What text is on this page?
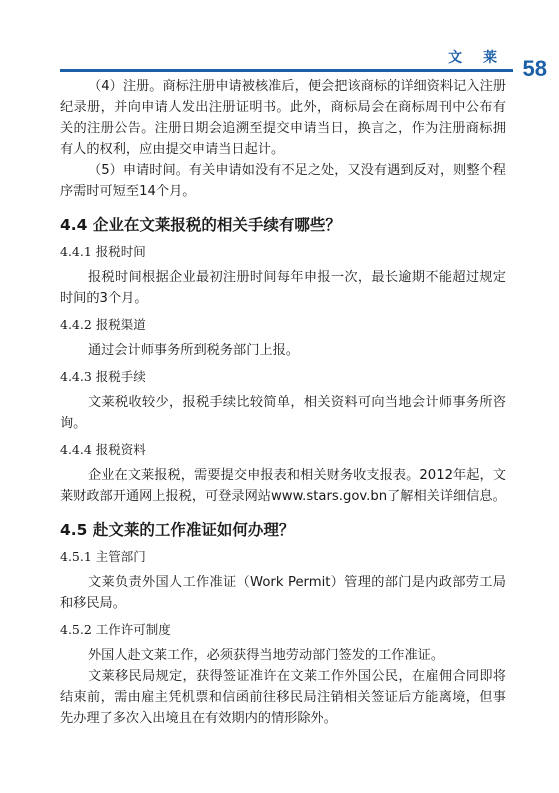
文 莱 58

（4）注册。商标注册申请被核准后，便会把该商标的详细资料记入注册纪录册，并向申请人发出注册证明书。此外，商标局会在商标周刊中公布有关的注册公告。注册日期会追溯至提交申请当日，换言之，作为注册商标拥有人的权利，应由提交申请当日起计。

（5）申请时间。有关申请如没有不足之处，又没有遇到反对，则整个程序需时可短至14个月。

4.4 企业在文莱报税的相关手续有哪些？
4.4.1 报税时间

报税时间根据企业最初注册时间每年申报一次，最长逾期不能超过规定时间的3个月。

4.4.2 报税渠道

通过会计师事务所到税务部门上报。

4.4.3 报税手续

文莱税收较少，报税手续比较简单，相关资料可向当地会计师事务所咨询。

4.4.4 报税资料

企业在文莱报税，需要提交申报表和相关财务收支报表。2012年起，文莱财政部开通网上报税，可登录网站www.stars.gov.bn了解相关详细信息。

4.5 赴文莱的工作准证如何办理？
4.5.1 主管部门

文莱负责外国人工作准证（Work Permit）管理的部门是内政部劳工局和移民局。

4.5.2 工作许可制度

外国人赴文莱工作，必须获得当地劳动部门签发的工作准证。

文莱移民局规定，获得签证准许在文莱工作外国公民，在雇佣合同即将结束前，需由雇主凭机票和信函前往移民局注销相关签证后方能离境，但事先办理了多次入出境且在有效期内的情形除外。
